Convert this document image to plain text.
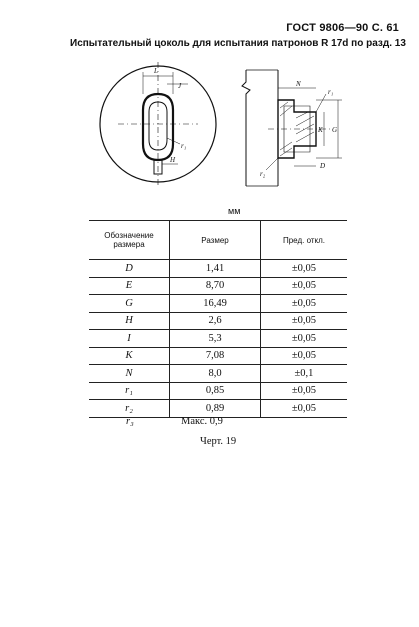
ГОСТ 9806—90 С. 61
Испытательный цоколь для испытания патронов R 17d по разд. 13
L
J
r₁
H
N
r₁
K G
r₂
D
мм
Обозначение размера	Размер	Пред. откл.
D	1,41	±0,05
E	8,70	±0,05
G	16,49	±0,05
H	2,6	±0,05
I	5,3	±0,05
K	7,08	±0,05
N	8,0	±0,1
r₁	0,85	±0,05
r₂	0,89	±0,05
r₃	Макс. 0,9
Черт. 19
